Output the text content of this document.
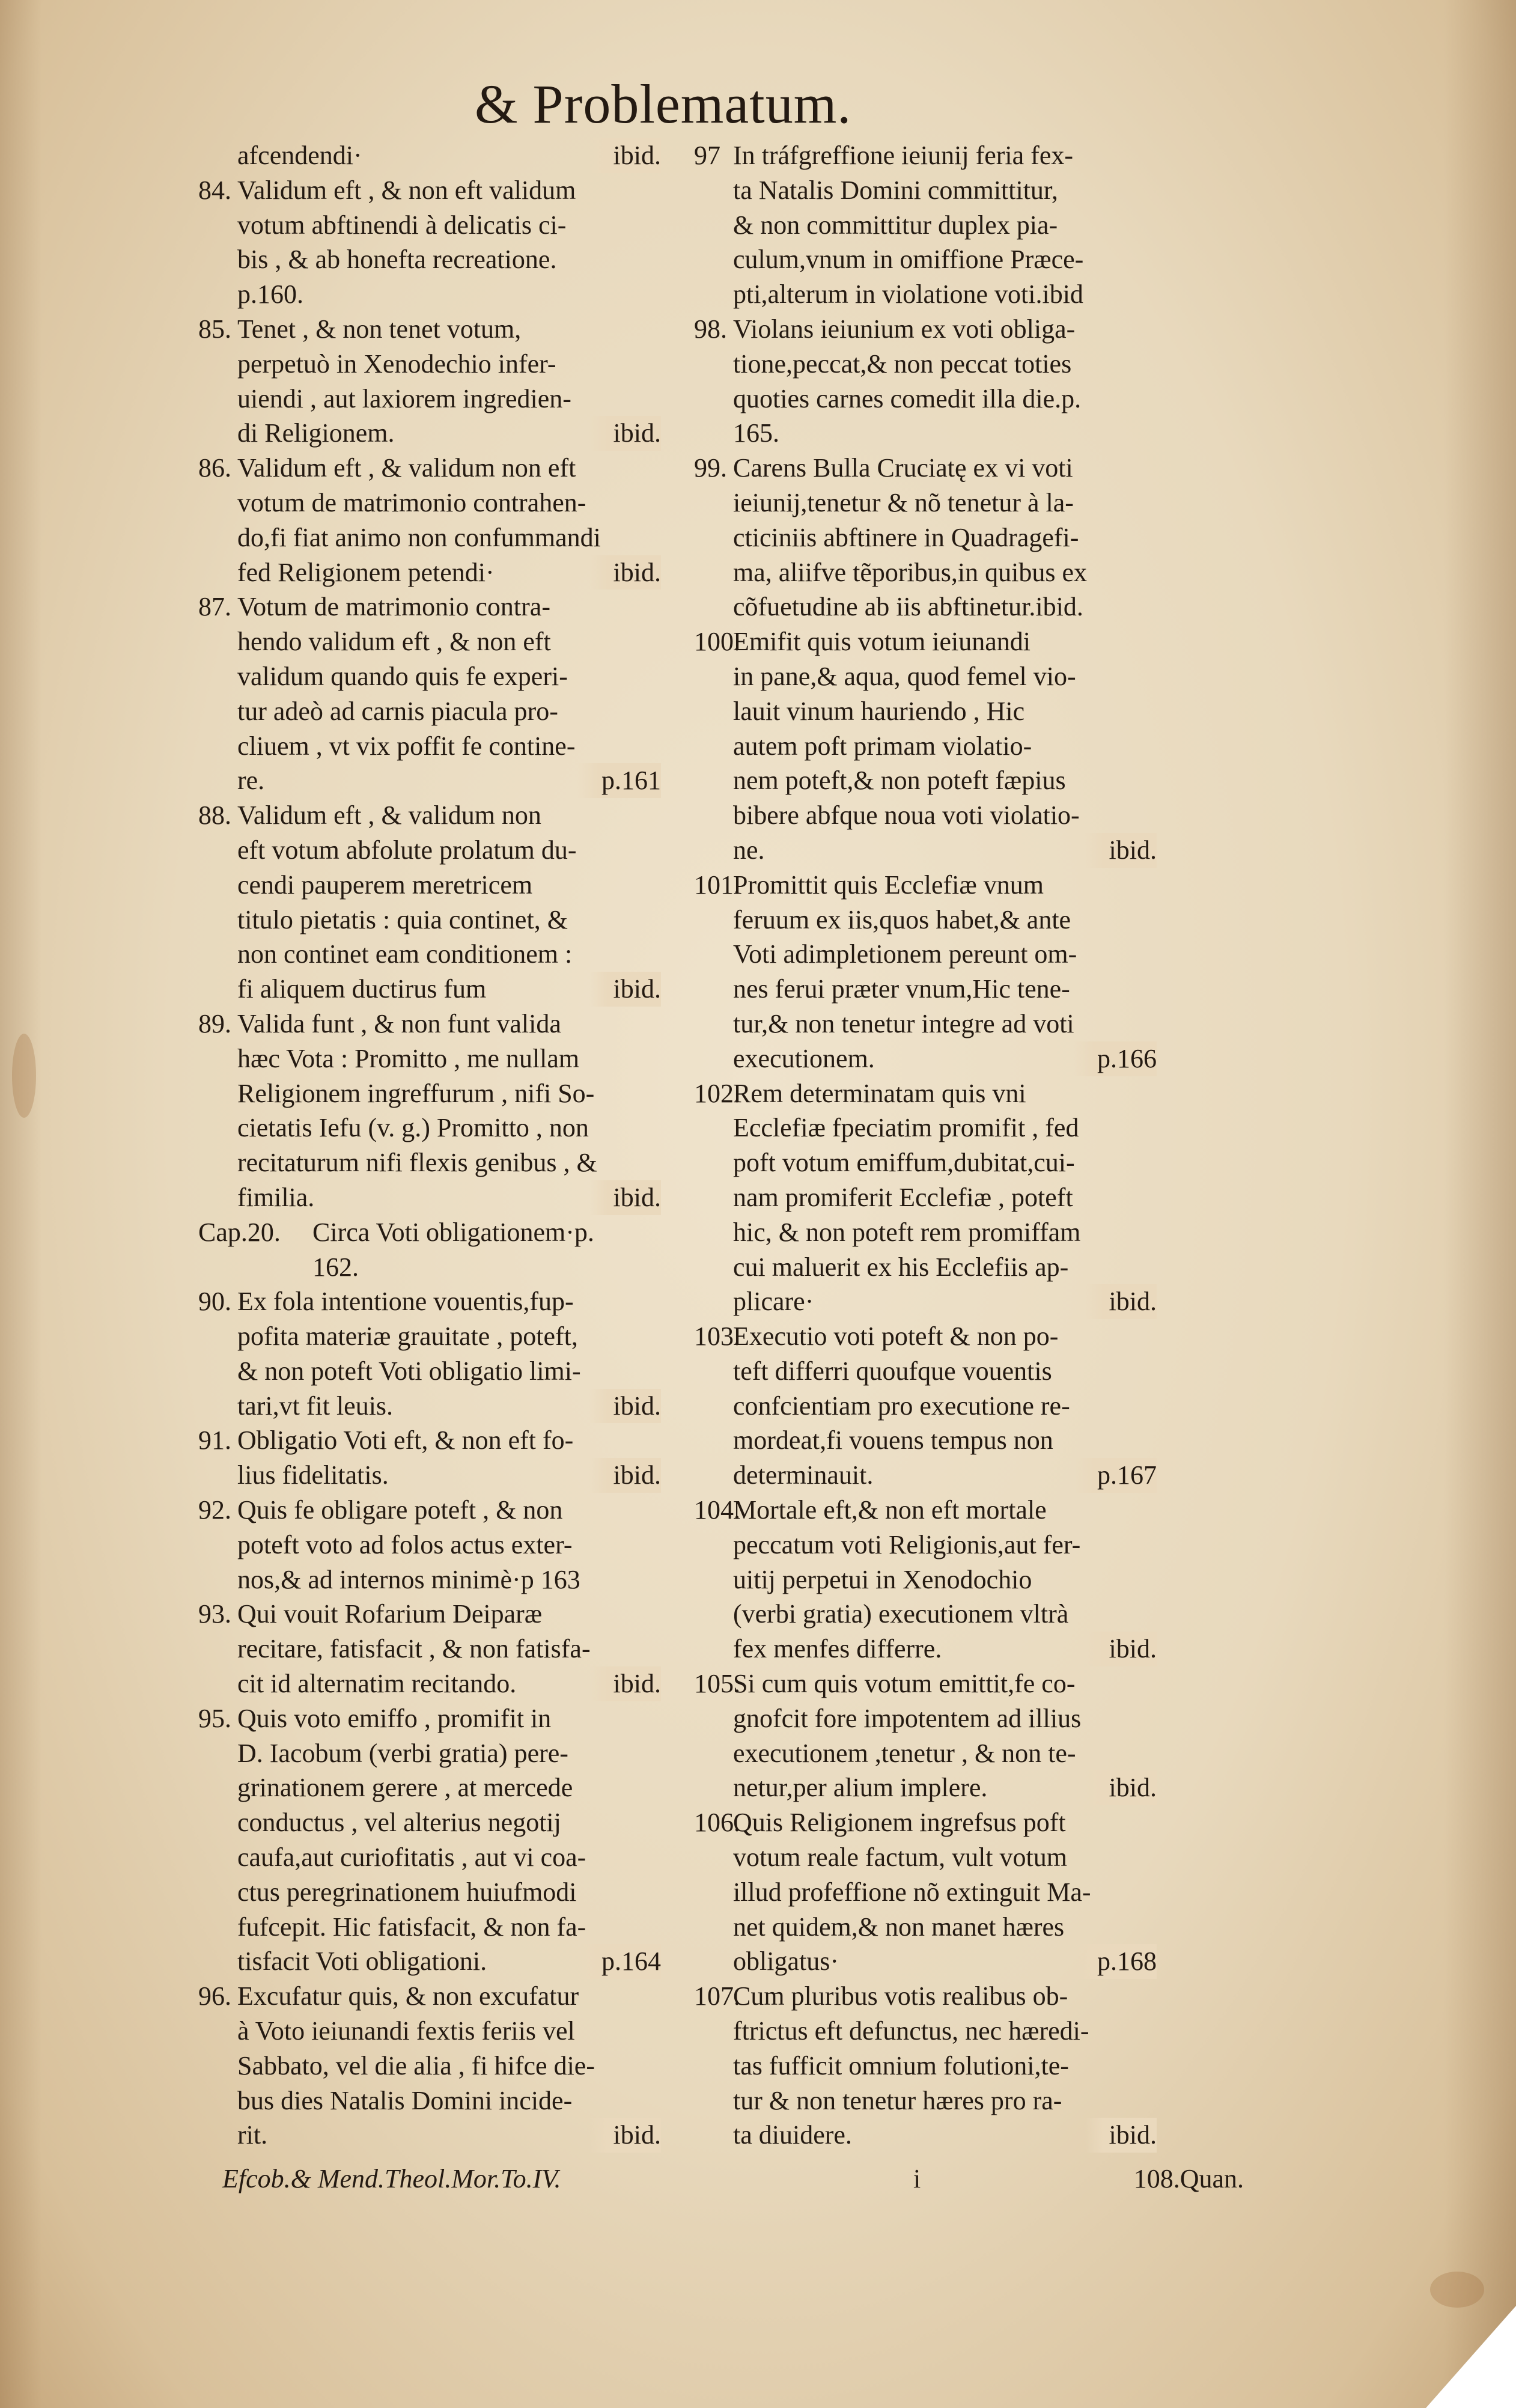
& Problematum.
afcendendi·	ibid.
84. Validum eft , & non eft validum
votum abftinendi à delicatis ci-
bis , & ab honefta recreatione.
p.160.
85. Tenet , & non tenet votum,
perpetuò in Xenodechio infer-
uiendi , aut laxiorem ingredien-
di Religionem.	ibid.
86. Validum eft , & validum non eft
votum de matrimonio contrahen-
do,fi fiat animo non confummandi
fed Religionem petendi·	ibid.
87. Votum de matrimonio contra-
hendo validum eft , & non eft
validum quando quis fe experi-
tur adeò ad carnis piacula pro-
cliuem , vt vix poffit fe contine-
re.	p.161
88. Validum eft , & validum non
eft votum abfolute prolatum du-
cendi pauperem meretricem
titulo pietatis : quia continet, &
non continet eam conditionem :
fi aliquem ductirus fum	ibid.
89. Valida funt , & non funt valida
hæc Vota : Promitto , me nullam
Religionem ingreffurum , nifi So-
cietatis Iefu (v. g.) Promitto , non
recitaturum nifi flexis genibus , &
fimilia.	ibid.
Cap.20.	Circa Voti obligationem·p.
162.
90. Ex fola intentione vouentis,fup-
pofita materiæ grauitate , poteft,
& non poteft Voti obligatio limi-
tari,vt fit leuis.	ibid.
91. Obligatio Voti eft, & non eft fo-
lius fidelitatis.	ibid.
92. Quis fe obligare poteft , & non
poteft voto ad folos actus exter-
nos,& ad internos minimè·p 163
93. Qui vouit Rofarium Deiparæ
recitare, fatisfacit , & non fatisfa-
cit id alternatim recitando.	ibid.
95. Quis voto emiffo , promifit in
D. Iacobum (verbi gratia) pere-
grinationem gerere , at mercede
conductus , vel alterius negotij
caufa,aut curiofitatis , aut vi coa-
ctus peregrinationem huiufmodi
fufcepit. Hic fatisfacit, & non fa-
tisfacit Voti obligationi.	p.164
96. Excufatur quis, & non excufatur
à Voto ieiunandi fextis feriis vel
Sabbato, vel die alia , fi hifce die-
bus dies Natalis Domini incide-
rit.	ibid.
97 In tráfgreffione ieiunij feria fex-
ta Natalis Domini committitur,
& non committitur duplex pia-
culum,vnum in omiffione Præce-
pti,alterum in violatione voti.ibid
98. Violans ieiunium ex voti obliga-
tione,peccat,& non peccat toties
quoties carnes comedit illa die.p.
165.
99. Carens Bulla Cruciatę ex vi voti
ieiunij,tenetur & nõ tenetur à la-
cticiniis abftinere in Quadragefi-
ma, aliifve tẽporibus,in quibus ex
cõfuetudine ab iis abftinetur.ibid.
100.
Emifit quis votum ieiunandi
in pane,& aqua, quod femel vio-
lauit vinum hauriendo , Hic
autem poft primam violatio-
nem poteft,& non poteft fæpius
bibere abfque noua voti violatio-
ne.	ibid.
101.
Promittit quis Ecclefiæ vnum
feruum ex iis,quos habet,& ante
Voti adimpletionem pereunt om-
nes ferui præter vnum,Hic tene-
tur,& non tenetur integre ad voti
executionem.	p.166
102.
Rem determinatam quis vni
Ecclefiæ fpeciatim promifit , fed
poft votum emiffum,dubitat,cui-
nam promiferit Ecclefiæ , poteft
hic, & non poteft rem promiffam
cui maluerit ex his Ecclefiis ap-
plicare·	ibid.
103.
Executio voti poteft & non po-
teft differri quoufque vouentis
confcientiam pro executione re-
mordeat,fi vouens tempus non
determinauit.	p.167
104.
Mortale eft,& non eft mortale
peccatum voti Religionis,aut fer-
uitij perpetui in Xenodochio
(verbi gratia) executionem vltrà
fex menfes differre.	ibid.
105.
Si cum quis votum emittit,fe co-
gnofcit fore impotentem ad illius
executionem ,tenetur , & non te-
netur,per alium implere.	ibid.
106.
Quis Religionem ingrefsus poft
votum reale factum, vult votum
illud profeffione nõ extinguit Ma-
net quidem,& non manet hæres
obligatus·	p.168
107.
Cum pluribus votis realibus ob-
ftrictus eft defunctus, nec hæredi-
tas fufficit omnium folutioni,te-
tur & non tenetur hæres pro ra-
ta diuidere.	ibid.
Efcob.& Mend.Theol.Mor.To.IV.	i	108.Quan.
